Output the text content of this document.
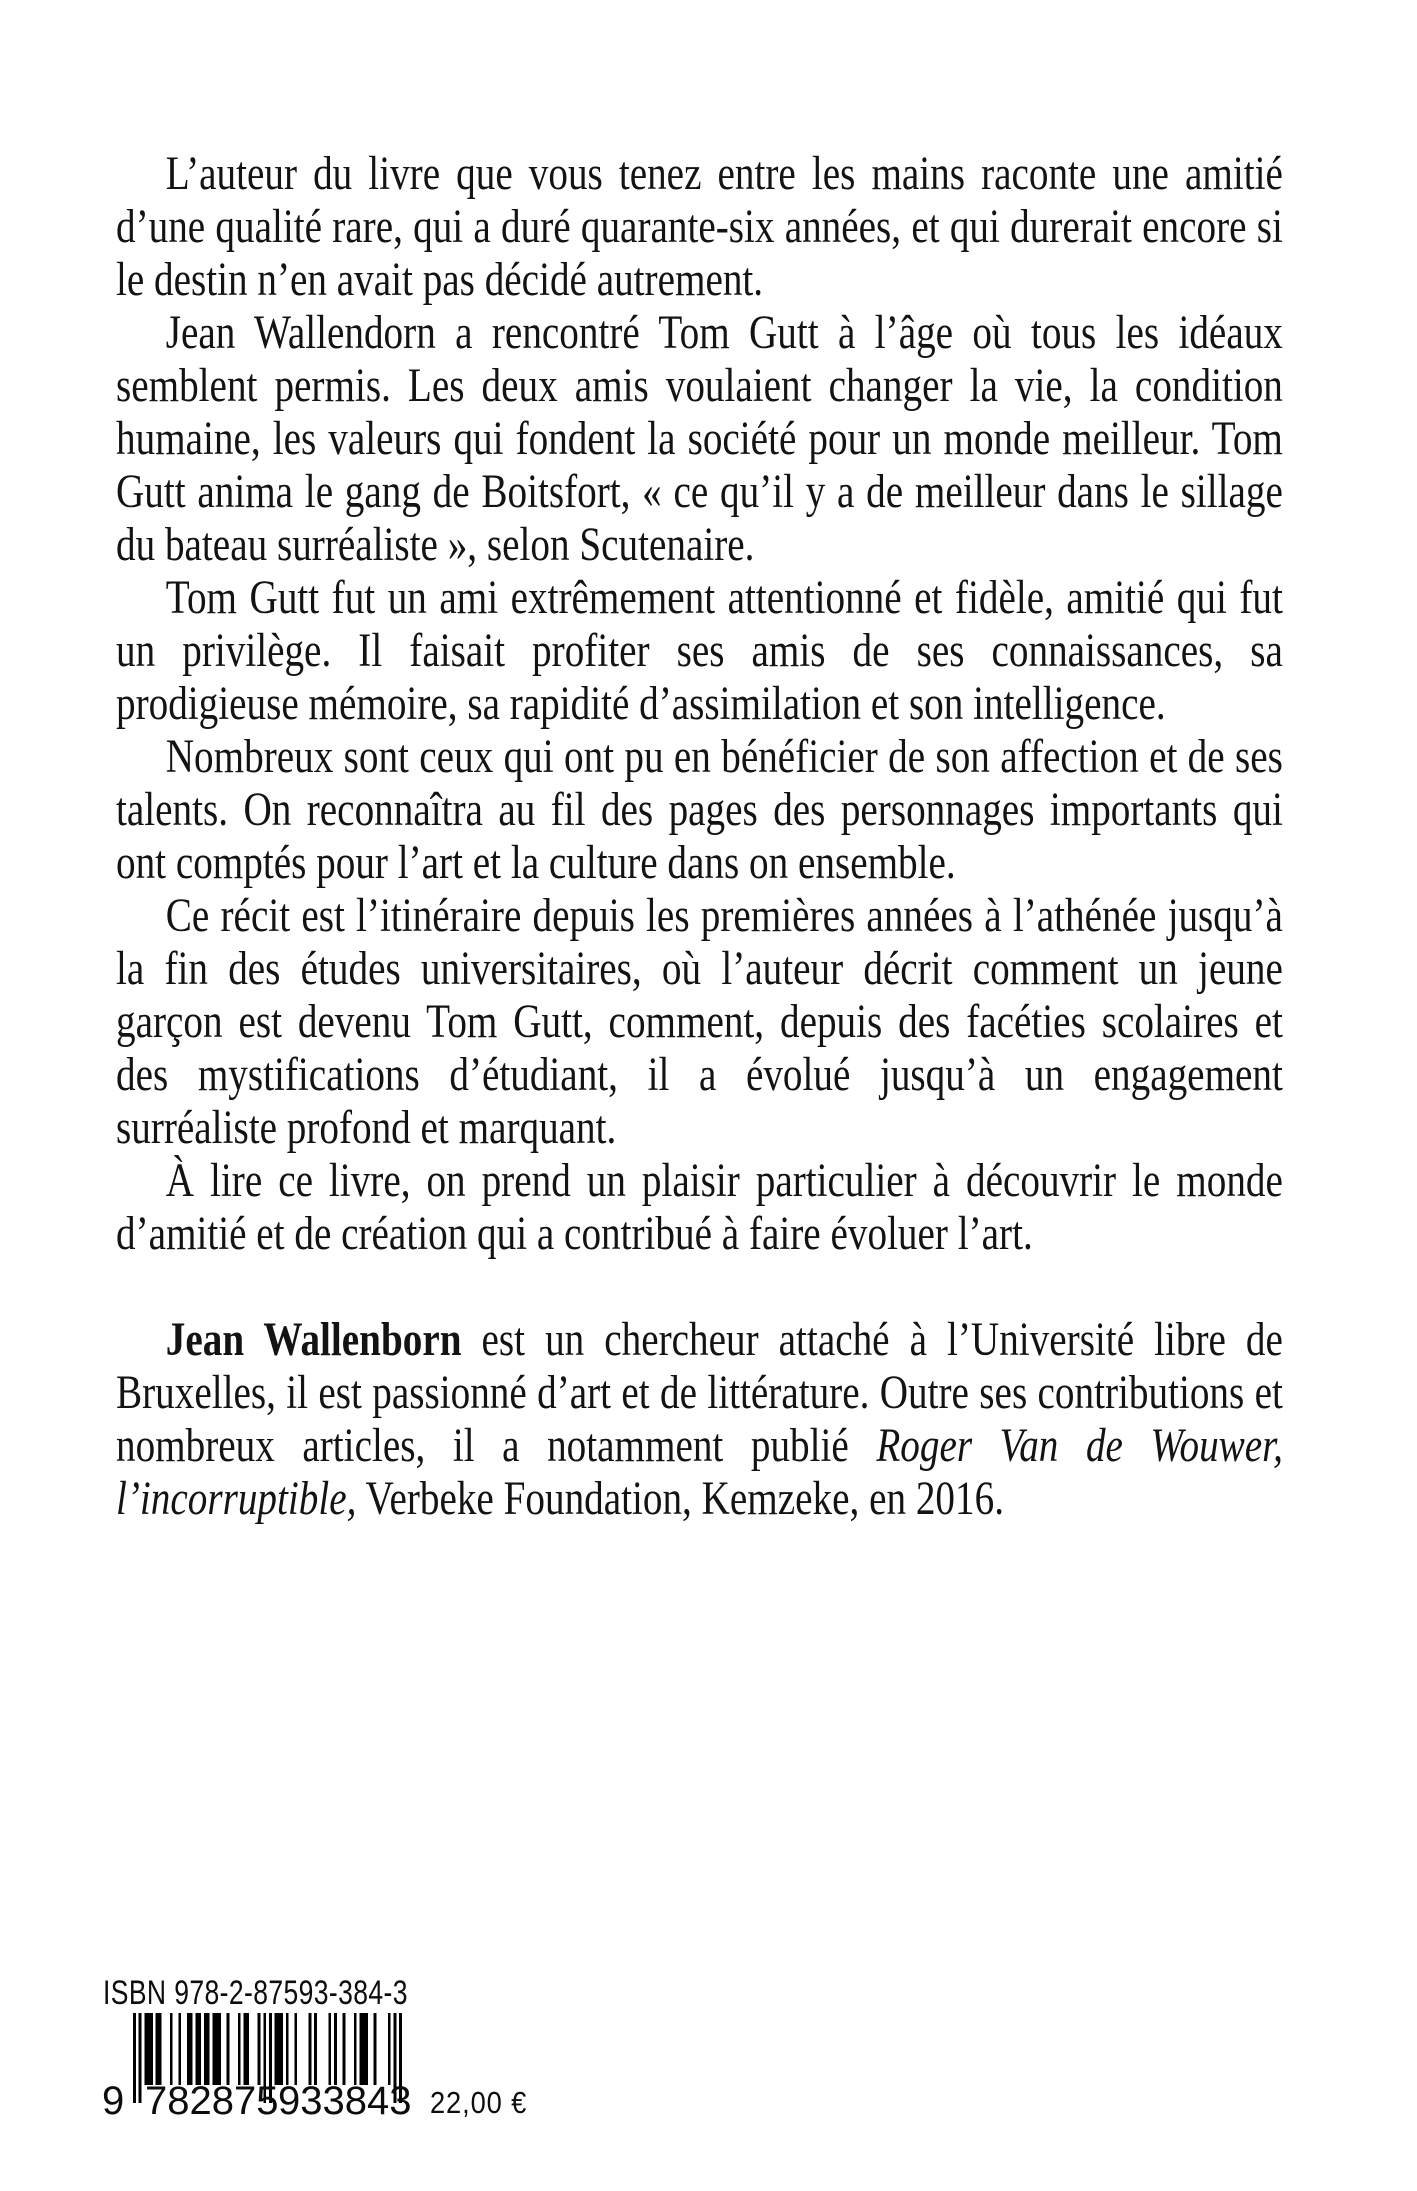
L’auteur du livre que vous tenez entre les mains raconte une amitié d’une qualité rare, qui a duré quarante-six années, et qui durerait encore si le destin n’en avait pas décidé autrement.

Jean Wallendorn a rencontré Tom Gutt à l’âge où tous les idéaux semblent permis. Les deux amis voulaient changer la vie, la condition humaine, les valeurs qui fondent la société pour un monde meilleur. Tom Gutt anima le gang de Boitsfort, « ce qu’il y a de meilleur dans le sillage du bateau surréaliste », selon Scutenaire.

Tom Gutt fut un ami extrêmement attentionné et fidèle, amitié qui fut un privilège. Il faisait profiter ses amis de ses connaissances, sa prodigieuse mémoire, sa rapidité d’assimilation et son intelligence.

Nombreux sont ceux qui ont pu en bénéficier de son affection et de ses talents. On reconnaîtra au fil des pages des personnages importants qui ont comptés pour l’art et la culture dans on ensemble.

Ce récit est l’itinéraire depuis les premières années à l’athénée jusqu’à la fin des études universitaires, où l’auteur décrit comment un jeune garçon est devenu Tom Gutt, comment, depuis des facéties scolaires et des mystifications d’étudiant, il a évolué jusqu’à un engagement surréaliste profond et marquant.

À lire ce livre, on prend un plaisir particulier à découvrir le monde d’amitié et de création qui a contribué à faire évoluer l’art.

Jean Wallenborn est un chercheur attaché à l’Université libre de Bruxelles, il est passionné d’art et de littérature. Outre ses contributions et nombreux articles, il a notamment publié Roger Van de Wouwer, l’incorruptible, Verbeke Foundation, Kemzeke, en 2016.

ISBN 978-2-87593-384-3
9 7 8 2 8 7 5 9 3 3 8 4 3 22,00 €
